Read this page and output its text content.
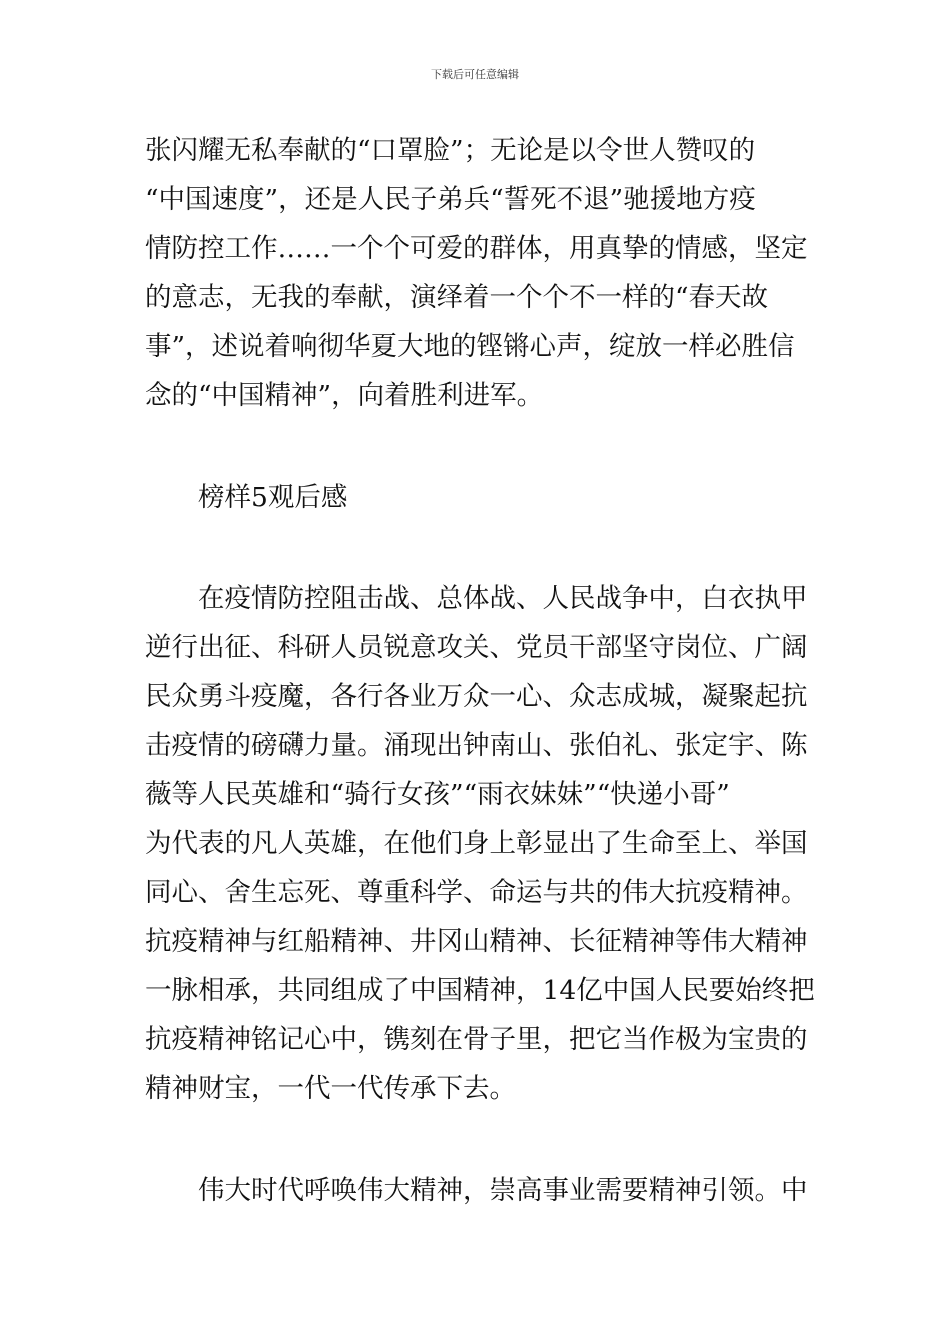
下载后可任意编辑
张闪耀无私奉献的“口罩脸”；无论是以令世人赞叹的
“中国速度”，还是人民子弟兵“誓死不退”驰援地方疫
情防控工作……一个个可爱的群体，用真挚的情感，坚定
的意志，无我的奉献，演绎着一个个不一样的“春天故
事”，述说着响彻华夏大地的铿锵心声，绽放一样必胜信
念的“中国精神”，向着胜利进军。
榜样5观后感
在疫情防控阻击战、总体战、人民战争中，白衣执甲
逆行出征、科研人员锐意攻关、党员干部坚守岗位、广阔
民众勇斗疫魔，各行各业万众一心、众志成城，凝聚起抗
击疫情的磅礴力量。涌现出钟南山、张伯礼、张定宇、陈
薇等人民英雄和“骑行女孩”“雨衣妹妹”“快递小哥”
为代表的凡人英雄，在他们身上彰显出了生命至上、举国
同心、舍生忘死、尊重科学、命运与共的伟大抗疫精神。
抗疫精神与红船精神、井冈山精神、长征精神等伟大精神
一脉相承，共同组成了中国精神，14亿中国人民要始终把
抗疫精神铭记心中，镌刻在骨子里，把它当作极为宝贵的
精神财宝，一代一代传承下去。
伟大时代呼唤伟大精神，崇高事业需要精神引领。中
